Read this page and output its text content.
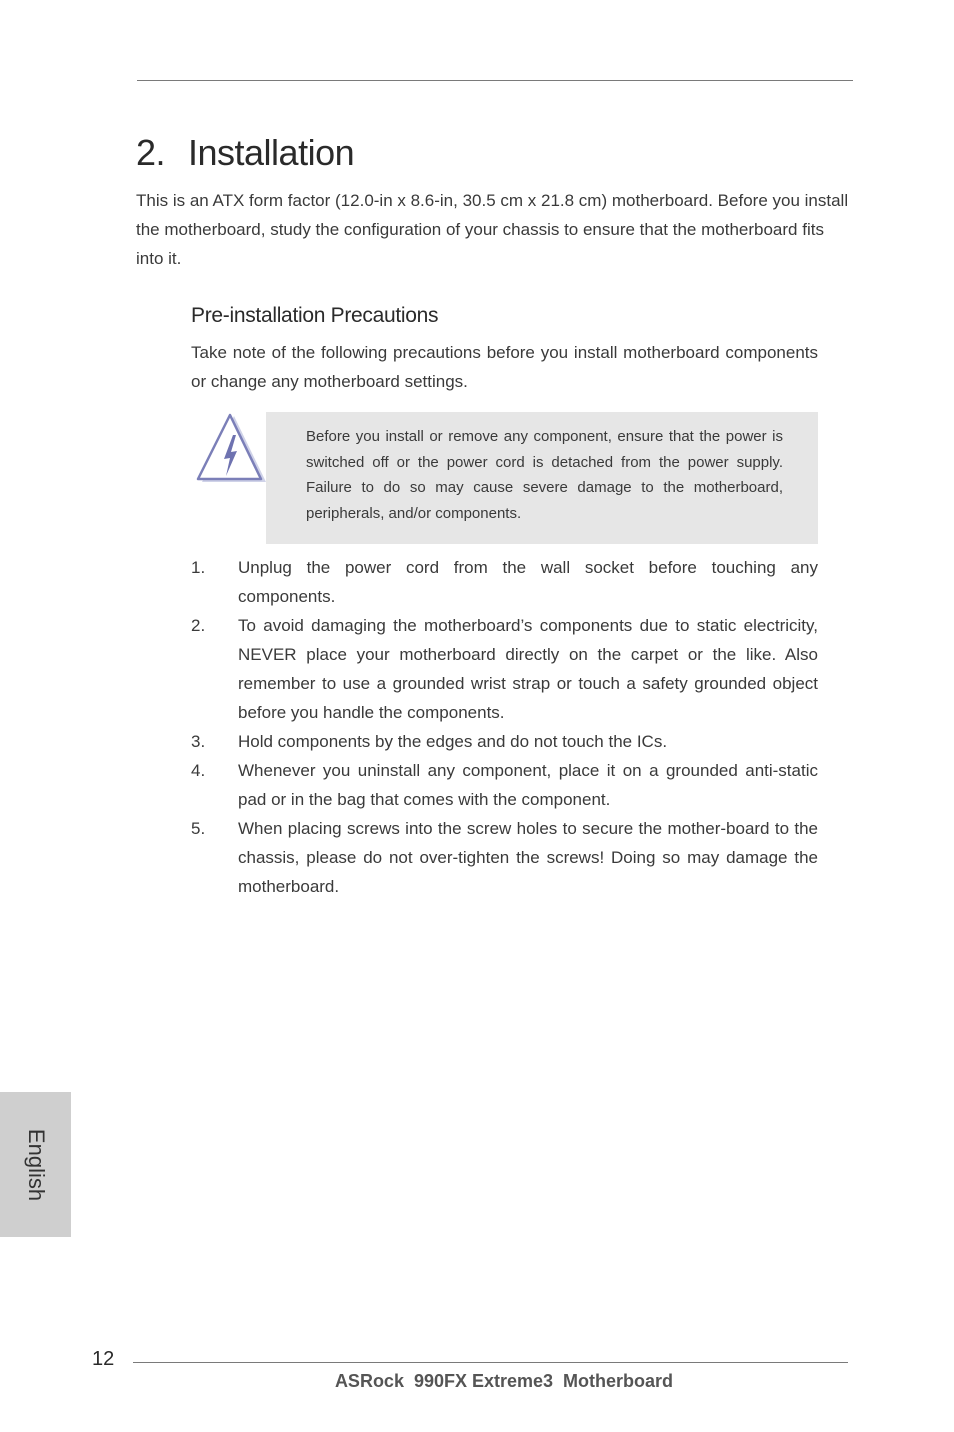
2. Installation

This is an ATX form factor (12.0-in x 8.6-in, 30.5 cm x 21.8 cm) motherboard. Before you install the motherboard, study the configuration of your chassis to ensure that the motherboard fits into it.

Pre-installation Precautions

Take note of the following precautions before you install motherboard components or change any motherboard settings.

Before you install or remove any component, ensure that the power is switched off or the power cord is detached from the power supply. Failure to do so may cause severe damage to the motherboard, peripherals, and/or components.

1.	Unplug the power cord from the wall socket before touching any components.
2.	To avoid damaging the motherboard’s components due to static electricity, NEVER place your motherboard directly on the carpet or the like. Also remember to use a grounded wrist strap or touch a safety grounded object before you handle the components.
3.	Hold components by the edges and do not touch the ICs.
4.	Whenever you uninstall any component, place it on a grounded anti-static pad or in the bag that comes with the component.
5.	When placing screws into the screw holes to secure the mother-board to the chassis, please do not over-tighten the screws! Doing so may damage the motherboard.
English
12
ASRock  990FX Extreme3  Motherboard
